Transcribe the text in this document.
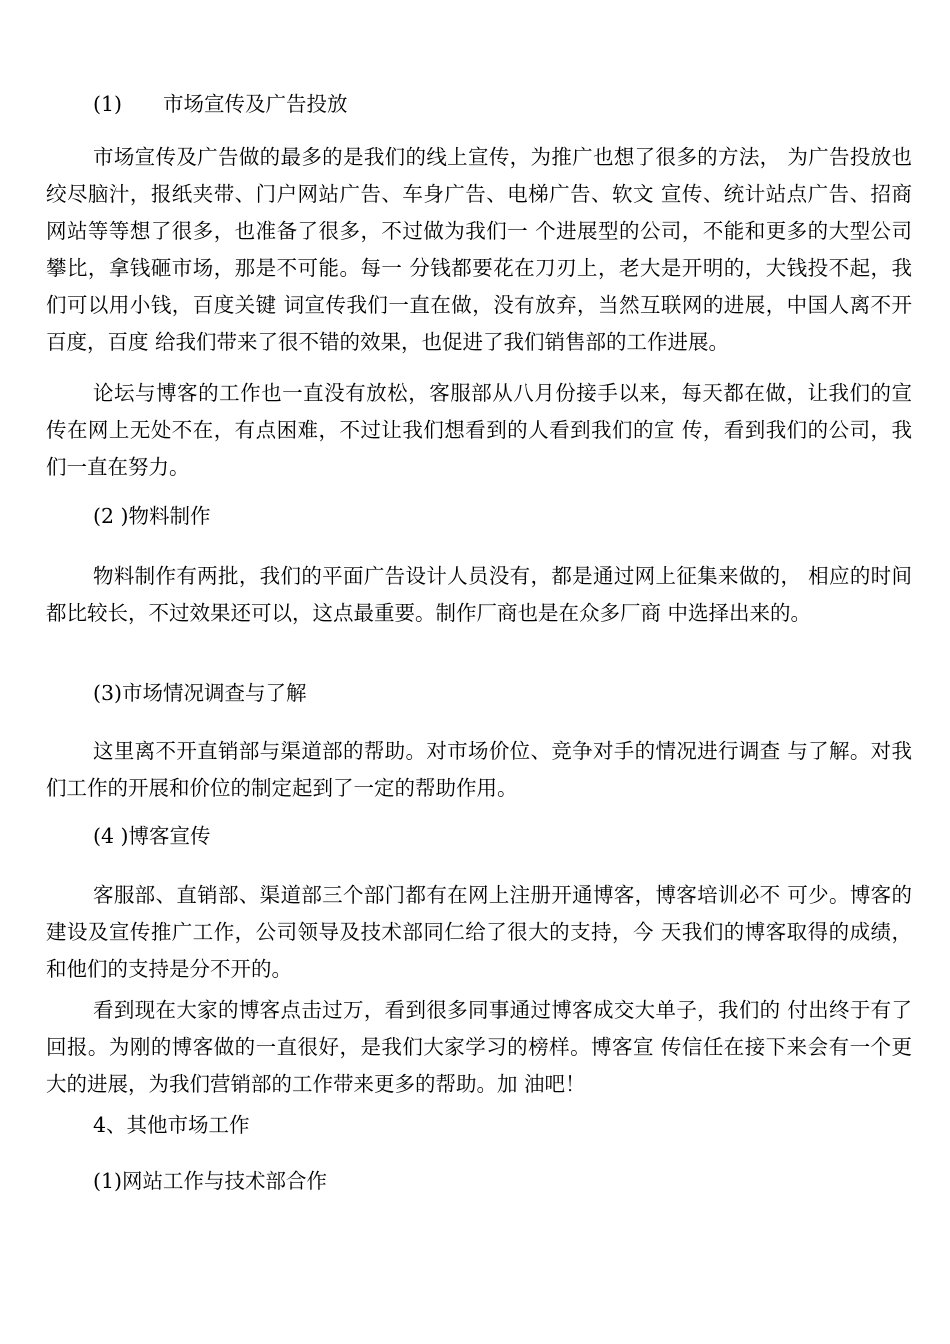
(1)　　市场宣传及广告投放

市场宣传及广告做的最多的是我们的线上宣传，为推广也想了很多的方法， 为广告投放也绞尽脑汁，报纸夹带、门户网站广告、车身广告、电梯广告、软文 宣传、统计站点广告、招商网站等等想了很多，也准备了很多，不过做为我们一 个进展型的公司，不能和更多的大型公司攀比，拿钱砸市场，那是不可能。每一 分钱都要花在刀刃上，老大是开明的，大钱投不起，我们可以用小钱，百度关键 词宣传我们一直在做，没有放弃，当然互联网的进展，中国人离不开百度，百度 给我们带来了很不错的效果，也促进了我们销售部的工作进展。

论坛与博客的工作也一直没有放松，客服部从八月份接手以来，每天都在做，让我们的宣传在网上无处不在，有点困难，不过让我们想看到的人看到我们的宣 传，看到我们的公司，我们一直在努力。

(2 )物料制作

物料制作有两批，我们的平面广告设计人员没有，都是通过网上征集来做的， 相应的时间都比较长，不过效果还可以，这点最重要。制作厂商也是在众多厂商 中选择出来的。

(3)市场情况调查与了解

这里离不开直销部与渠道部的帮助。对市场价位、竞争对手的情况进行调查 与了解。对我们工作的开展和价位的制定起到了一定的帮助作用。

(4 )博客宣传

客服部、直销部、渠道部三个部门都有在网上注册开通博客，博客培训必不 可少。博客的建设及宣传推广工作，公司领导及技术部同仁给了很大的支持，今 天我们的博客取得的成绩，和他们的支持是分不开的。

看到现在大家的博客点击过万，看到很多同事通过博客成交大单子，我们的 付出终于有了回报。为刚的博客做的一直很好，是我们大家学习的榜样。博客宣 传信任在接下来会有一个更大的进展，为我们营销部的工作带来更多的帮助。加 油吧！

4、其他市场工作

(1)网站工作与技术部合作
